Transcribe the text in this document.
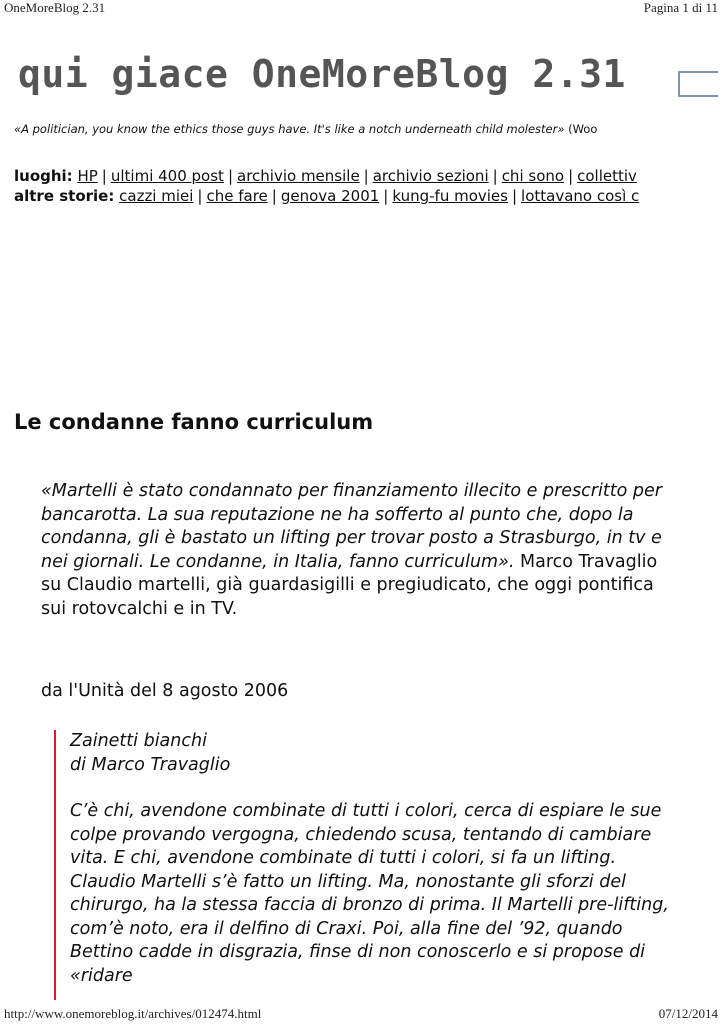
OneMoreBlog 2.31	Pagina 1 di 11
qui giace OneMoreBlog 2.31
«A politician, you know the ethics those guys have. It's like a notch underneath child molester» (Woo
luoghi: HP | ultimi 400 post | archivio mensile | archivio sezioni | chi sono | collettiv
altre storie: cazzi miei | che fare | genova 2001 | kung-fu movies | lottavano così c
Le condanne fanno curriculum

«Martelli è stato condannato per finanziamento illecito e prescritto per bancarotta. La sua reputazione ne ha sofferto al punto che, dopo la condanna, gli è bastato un lifting per trovar posto a Strasburgo, in tv e nei giornali. Le condanne, in Italia, fanno curriculum». Marco Travaglio su Claudio martelli, già guardasigilli e pregiudicato, che oggi pontifica sui rotovcalchi e in TV.

da l'Unità del 8 agosto 2006

Zainetti bianchi
di Marco Travaglio

C’è chi, avendone combinate di tutti i colori, cerca di espiare le sue colpe provando vergogna, chiedendo scusa, tentando di cambiare vita. E chi, avendone combinate di tutti i colori, si fa un lifting. Claudio Martelli s’è fatto un lifting. Ma, nonostante gli sforzi del chirurgo, ha la stessa faccia di bronzo di prima. Il Martelli pre-lifting, com’è noto, era il delfino di Craxi. Poi, alla fine del ’92, quando Bettino cadde in disgrazia, finse di non conoscerlo e si propose di «ridare

http://www.onemoreblog.it/archives/012474.html	07/12/2014
